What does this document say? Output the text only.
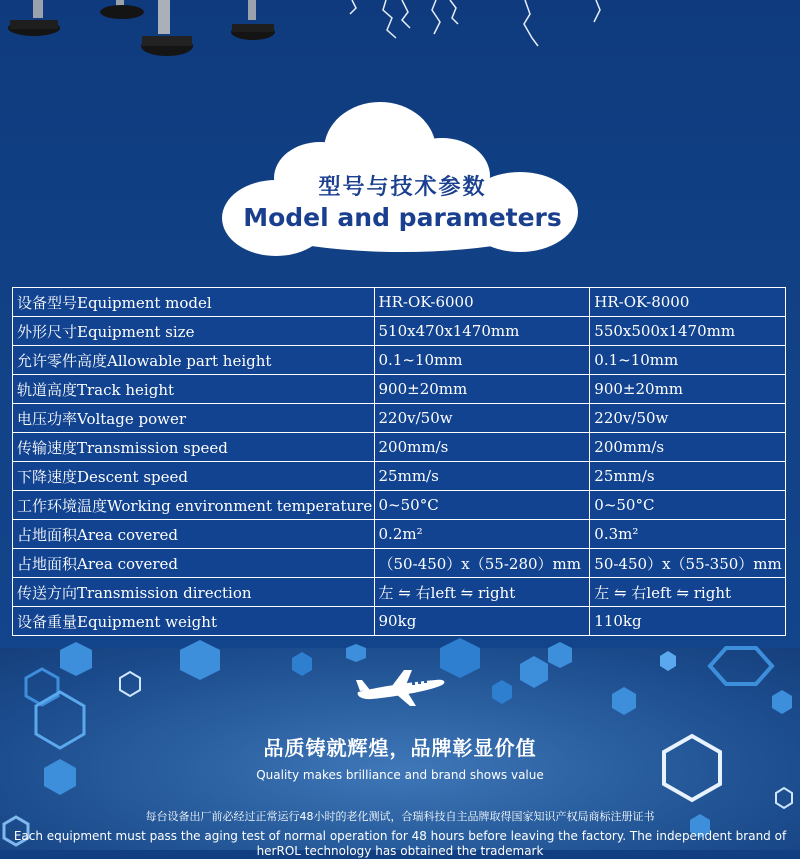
型号与技术参数
Model and parameters
设备型号Equipment model	HR-OK-6000	HR-OK-8000
外形尺寸Equipment size	510x470x1470mm	550x500x1470mm
允许零件高度Allowable part height	0.1~10mm	0.1~10mm
轨道高度Track height	900±20mm	900±20mm
电压功率Voltage power	220v/50w	220v/50w
传输速度Transmission speed	200mm/s	200mm/s
下降速度Descent speed	25mm/s	25mm/s
工作环境温度Working environment temperature	0~50°C	0~50°C
占地面积Area covered	0.2m²	0.3m²
占地面积Area covered	（50-450）x（55-280）mm	50-450）x（55-350）mm
传送方向Transmission direction	左 ⇋ 右left ⇋ right	左 ⇋ 右left ⇋ right
设备重量Equipment weight	90kg	110kg
品质铸就辉煌，品牌彰显价值
Quality makes brilliance and brand shows value
每台设备出厂前必经过正常运行48小时的老化测试，合瑞科技自主品牌取得国家知识产权局商标注册证书
Each equipment must pass the aging test of normal operation for 48 hours before leaving the factory. The independent brand of herROL technology has obtained the trademark
